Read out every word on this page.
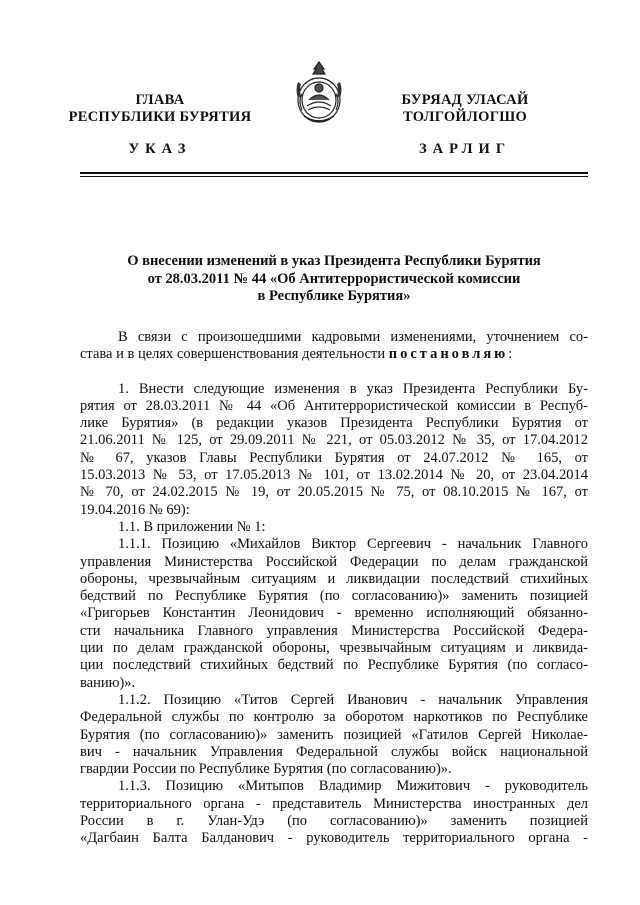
ГЛАВА
РЕСПУБЛИКИ БУРЯТИЯ
УКАЗ
БУРЯАД УЛАСАЙ
ТОЛГОЙЛОГШО
ЗАРЛИГ
О внесении изменений в указ Президента Республики Бурятия
от 28.03.2011 № 44 «Об Антитеррористической комиссии
в Республике Бурятия»
В связи с произошедшими кадровыми изменениями, уточнением со-
става и в целях совершенствования деятельности постановляю:
1. Внести следующие изменения в указ Президента Республики Бу-
рятия от 28.03.2011 № 44 «Об Антитеррористической комиссии в Респуб-
лике Бурятия» (в редакции указов Президента Республики Бурятия от
21.06.2011 № 125, от 29.09.2011 № 221, от 05.03.2012 № 35, от 17.04.2012
№ 67, указов Главы Республики Бурятия от 24.07.2012 № 165, от
15.03.2013 № 53, от 17.05.2013 № 101, от 13.02.2014 № 20, от 23.04.2014
№ 70, от 24.02.2015 № 19, от 20.05.2015 № 75, от 08.10.2015 № 167, от
19.04.2016 № 69):
1.1. В приложении № 1:
1.1.1. Позицию «Михайлов Виктор Сергеевич - начальник Главного
управления Министерства Российской Федерации по делам гражданской
обороны, чрезвычайным ситуациям и ликвидации последствий стихийных
бедствий по Республике Бурятия (по согласованию)» заменить позицией
«Григорьев Константин Леонидович - временно исполняющий обязанно-
сти начальника Главного управления Министерства Российской Федера-
ции по делам гражданской обороны, чрезвычайным ситуациям и ликвида-
ции последствий стихийных бедствий по Республике Бурятия (по согласо-
ванию)».
1.1.2. Позицию «Титов Сергей Иванович - начальник Управления
Федеральной службы по контролю за оборотом наркотиков по Республике
Бурятия (по согласованию)» заменить позицией «Гатилов Сергей Николае-
вич - начальник Управления Федеральной службы войск национальной
гвардии России по Республике Бурятия (по согласованию)».
1.1.3. Позицию «Митыпов Владимир Мижитович - руководитель
территориального органа - представитель Министерства иностранных дел
России в г. Улан-Удэ (по согласованию)» заменить позицией
«Дагбаин Балта Балданович - руководитель территориального органа -
